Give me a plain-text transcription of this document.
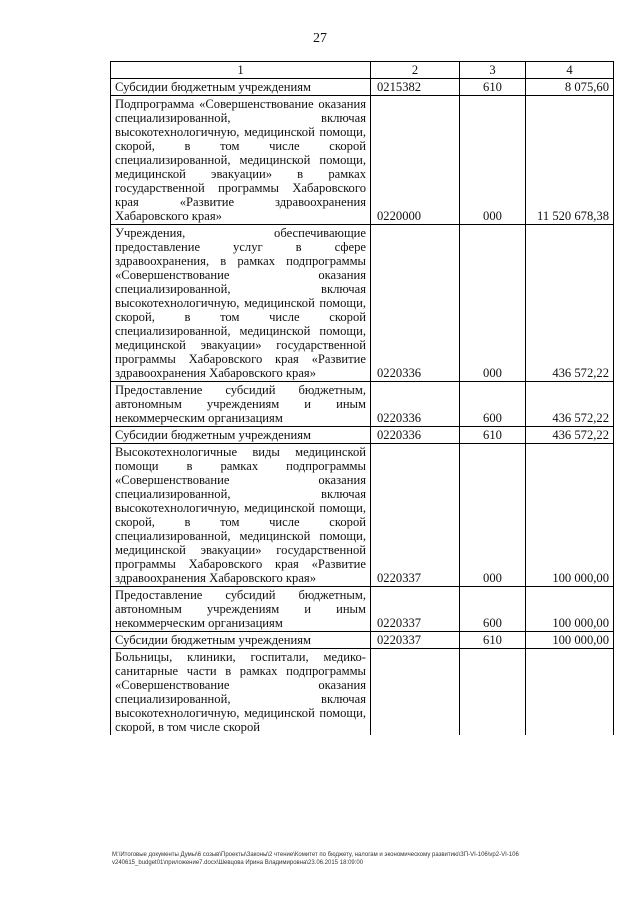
27
1	2	3	4
Субсидии бюджетным учреждениям	0215382	610	8 075,60
Подпрограмма «Совершенствование оказания специализированной, включая высокотехнологичную, медицинской помощи, скорой, в том числе скорой специализированной, медицинской помощи, медицинской эвакуации» в рамках государственной программы Хабаровского края «Развитие здравоохранения Хабаровского края»	0220000	000	11 520 678,38
Учреждения, обеспечивающие предоставление услуг в сфере здравоохранения, в рамках подпрограммы «Совершенствование оказания специализированной, включая высокотехнологичную, медицинской помощи, скорой, в том числе скорой специализированной, медицинской помощи, медицинской эвакуации» государственной программы Хабаровского края «Развитие здравоохранения Хабаровского края»	0220336	000	436 572,22
Предоставление субсидий бюджетным, автономным учреждениям и иным некоммерческим организациям	0220336	600	436 572,22
Субсидии бюджетным учреждениям	0220336	610	436 572,22
Высокотехнологичные виды медицинской помощи в рамках подпрограммы «Совершенствование оказания специализированной, включая высокотехнологичную, медицинской помощи, скорой, в том числе скорой специализированной, медицинской помощи, медицинской эвакуации» государственной программы Хабаровского края «Развитие здравоохранения Хабаровского края»	0220337	000	100 000,00
Предоставление субсидий бюджетным, автономным учреждениям и иным некоммерческим организациям	0220337	600	100 000,00
Субсидии бюджетным учреждениям	0220337	610	100 000,00
Больницы, клиники, госпитали, медико-санитарные части в рамках подпрограммы «Совершенствование оказания специализированной, включая высокотехнологичную, медицинской помощи, скорой, в том числе скорой			
M:\Итоговые документы Думы\6 созыв\Проекты\Законы\2 чтение\Комитет по бюджету, налогам и экономическому развитию\ЗП-VI-106\vp2-VI-106 v240615_budget01\приложение7.docx\Шевцова Ирина Владимировна\23.06.2015 18:09:00
